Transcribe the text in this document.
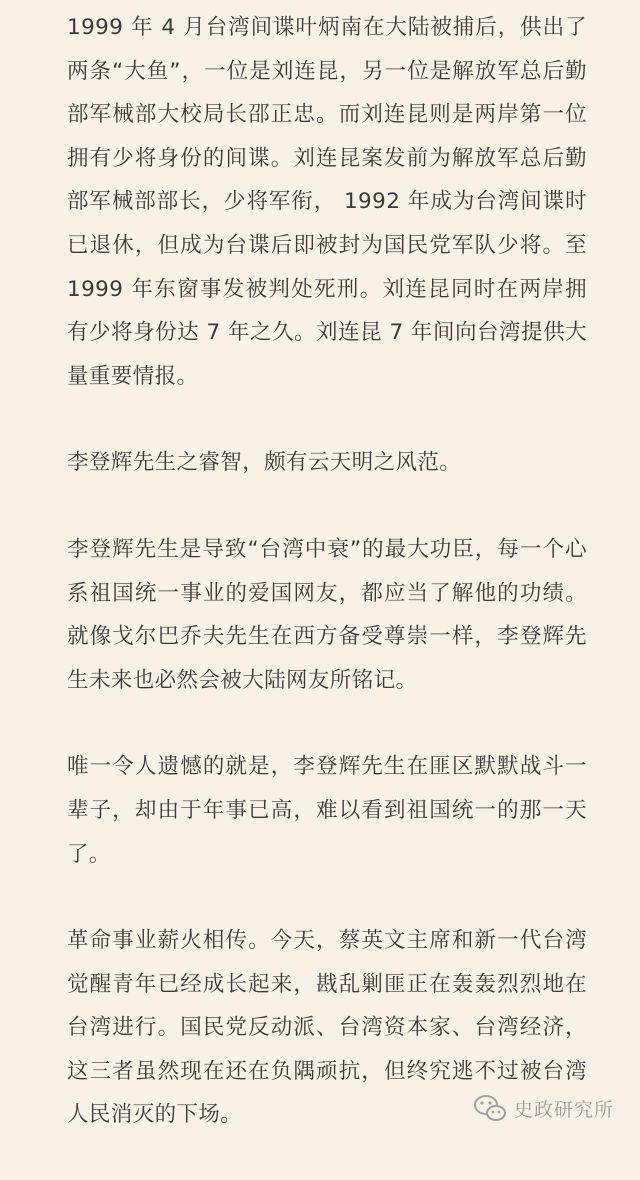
1999 年 4 月台湾间谍叶炳南在大陆被捕后，供出了两条“大鱼”，一位是刘连昆，另一位是解放军总后勤部军械部大校局长邵正忠。而刘连昆则是两岸第一位拥有少将身份的间谍。刘连昆案发前为解放军总后勤部军械部部长，少将军衔， 1992 年成为台湾间谍时已退休，但成为台谍后即被封为国民党军队少将。至 1999 年东窗事发被判处死刑。刘连昆同时在两岸拥有少将身份达 7 年之久。刘连昆 7 年间向台湾提供大量重要情报。

李登辉先生之睿智，颇有云天明之风范。

李登辉先生是导致“台湾中衰”的最大功臣，每一个心系祖国统一事业的爱国网友，都应当了解他的功绩。就像戈尔巴乔夫先生在西方备受尊崇一样，李登辉先生未来也必然会被大陆网友所铭记。

唯一令人遗憾的就是，李登辉先生在匪区默默战斗一辈子，却由于年事已高，难以看到祖国统一的那一天了。

革命事业薪火相传。今天，蔡英文主席和新一代台湾觉醒青年已经成长起来，戡乱剿匪正在轰轰烈烈地在台湾进行。国民党反动派、台湾资本家、台湾经济，这三者虽然现在还在负隅顽抗，但终究逃不过被台湾人民消灭的下场。	史政研究所
